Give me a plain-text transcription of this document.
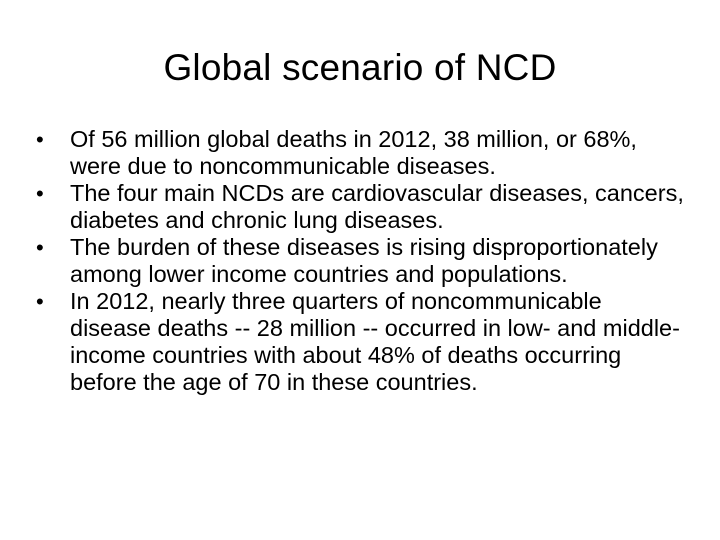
Global scenario of NCD
•	Of 56 million global deaths in 2012, 38 million, or 68%, were due to noncommunicable diseases.
•	The four main NCDs are cardiovascular diseases, cancers, diabetes and chronic lung diseases.
•	The burden of these diseases is rising disproportionately among lower income countries and populations.
•	In 2012, nearly three quarters of noncommunicable disease deaths -- 28 million -- occurred in low- and middle-income countries with about 48% of deaths occurring before the age of 70 in these countries.
